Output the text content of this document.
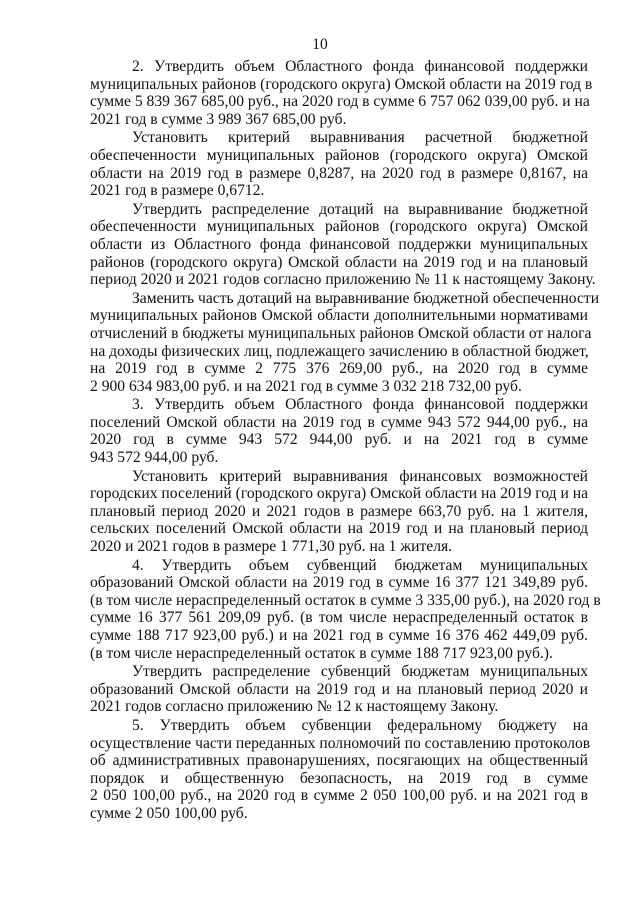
10

2. Утвердить объем Областного фонда финансовой поддержки
муниципальных районов (городского округа) Омской области на 2019 год в
сумме 5 839 367 685,00 руб., на 2020 год в сумме 6 757 062 039,00 руб. и на
2021 год в сумме 3 989 367 685,00 руб.

Установить критерий выравнивания расчетной бюджетной
обеспеченности муниципальных районов (городского округа) Омской
области на 2019 год в размере 0,8287, на 2020 год в размере 0,8167, на
2021 год в размере 0,6712.

Утвердить распределение дотаций на выравнивание бюджетной
обеспеченности муниципальных районов (городского округа) Омской
области из Областного фонда финансовой поддержки муниципальных
районов (городского округа) Омской области на 2019 год и на плановый
период 2020 и 2021 годов согласно приложению № 11 к настоящему Закону.

Заменить часть дотаций на выравнивание бюджетной обеспеченности
муниципальных районов Омской области дополнительными нормативами
отчислений в бюджеты муниципальных районов Омской области от налога
на доходы физических лиц, подлежащего зачислению в областной бюджет,
на 2019 год в сумме 2 775 376 269,00 руб., на 2020 год в сумме
2 900 634 983,00 руб. и на 2021 год в сумме 3 032 218 732,00 руб.

3. Утвердить объем Областного фонда финансовой поддержки
поселений Омской области на 2019 год в сумме 943 572 944,00 руб., на
2020 год в сумме 943 572 944,00 руб. и на 2021 год в сумме
943 572 944,00 руб.

Установить критерий выравнивания финансовых возможностей
городских поселений (городского округа) Омской области на 2019 год и на
плановый период 2020 и 2021 годов в размере 663,70 руб. на 1 жителя,
сельских поселений Омской области на 2019 год и на плановый период
2020 и 2021 годов в размере 1 771,30 руб. на 1 жителя.

4. Утвердить объем субвенций бюджетам муниципальных
образований Омской области на 2019 год в сумме 16 377 121 349,89 руб.
(в том числе нераспределенный остаток в сумме 3 335,00 руб.), на 2020 год в
сумме 16 377 561 209,09 руб. (в том числе нераспределенный остаток в
сумме 188 717 923,00 руб.) и на 2021 год в сумме 16 376 462 449,09 руб.
(в том числе нераспределенный остаток в сумме 188 717 923,00 руб.).

Утвердить распределение субвенций бюджетам муниципальных
образований Омской области на 2019 год и на плановый период 2020 и
2021 годов согласно приложению № 12 к настоящему Закону.

5. Утвердить объем субвенции федеральному бюджету на
осуществление части переданных полномочий по составлению протоколов
об административных правонарушениях, посягающих на общественный
порядок и общественную безопасность, на 2019 год в сумме
2 050 100,00 руб., на 2020 год в сумме 2 050 100,00 руб. и на 2021 год в
сумме 2 050 100,00 руб.
